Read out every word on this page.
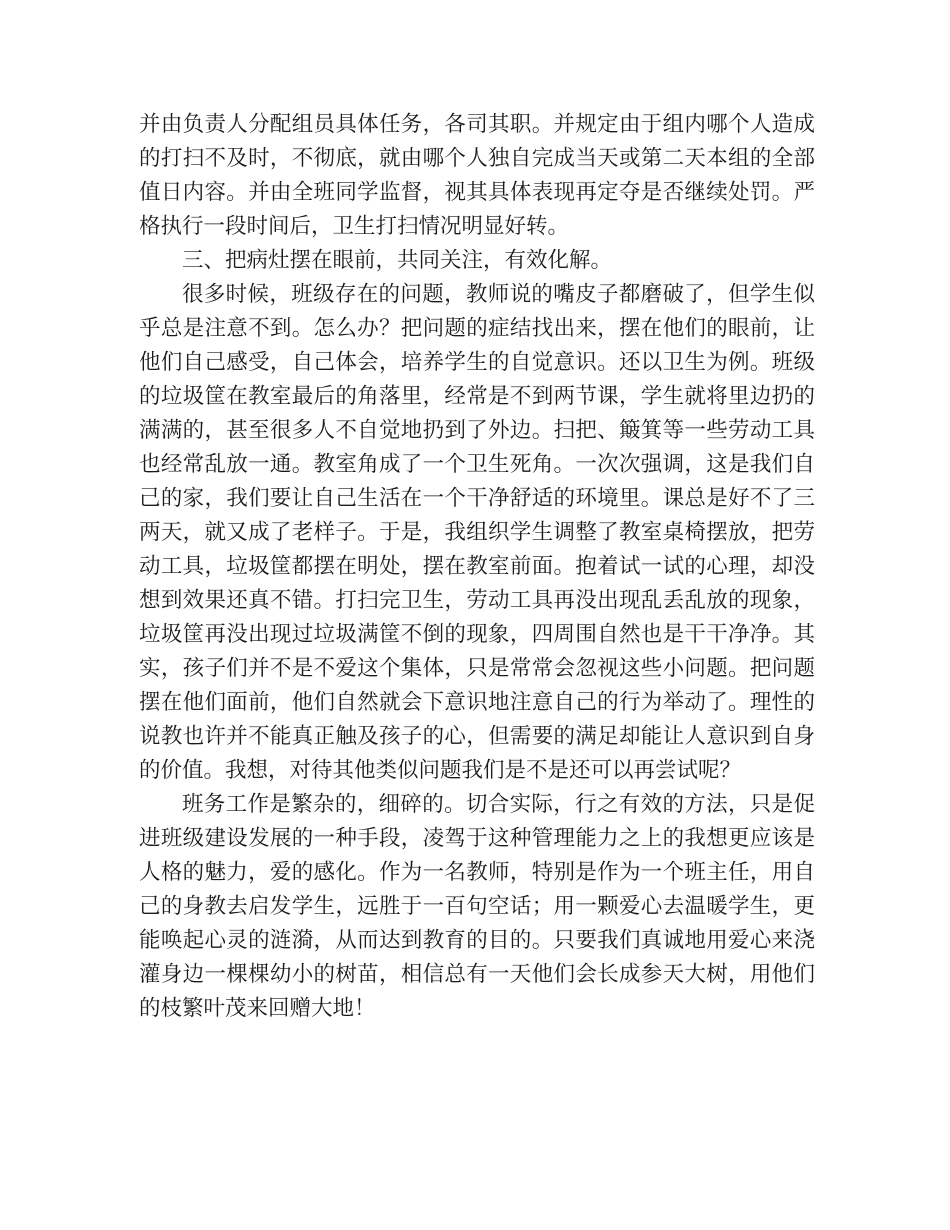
并由负责人分配组员具体任务，各司其职。并规定由于组内哪个人造成的打扫不及时，不彻底，就由哪个人独自完成当天或第二天本组的全部值日内容。并由全班同学监督，视其具体表现再定夺是否继续处罚。严格执行一段时间后，卫生打扫情况明显好转。

三、把病灶摆在眼前，共同关注，有效化解。

很多时候，班级存在的问题，教师说的嘴皮子都磨破了，但学生似乎总是注意不到。怎么办？把问题的症结找出来，摆在他们的眼前，让他们自己感受，自己体会，培养学生的自觉意识。还以卫生为例。班级的垃圾筐在教室最后的角落里，经常是不到两节课，学生就将里边扔的满满的，甚至很多人不自觉地扔到了外边。扫把、簸箕等一些劳动工具也经常乱放一通。教室角成了一个卫生死角。一次次强调，这是我们自己的家，我们要让自己生活在一个干净舒适的环境里。课总是好不了三两天，就又成了老样子。于是，我组织学生调整了教室桌椅摆放，把劳动工具，垃圾筐都摆在明处，摆在教室前面。抱着试一试的心理，却没想到效果还真不错。打扫完卫生，劳动工具再没出现乱丢乱放的现象，垃圾筐再没出现过垃圾满筐不倒的现象，四周围自然也是干干净净。其实，孩子们并不是不爱这个集体，只是常常会忽视这些小问题。把问题摆在他们面前，他们自然就会下意识地注意自己的行为举动了。理性的说教也许并不能真正触及孩子的心，但需要的满足却能让人意识到自身的价值。我想，对待其他类似问题我们是不是还可以再尝试呢？

班务工作是繁杂的，细碎的。切合实际，行之有效的方法，只是促进班级建设发展的一种手段，凌驾于这种管理能力之上的我想更应该是人格的魅力，爱的感化。作为一名教师，特别是作为一个班主任，用自己的身教去启发学生，远胜于一百句空话；用一颗爱心去温暖学生，更能唤起心灵的涟漪，从而达到教育的目的。只要我们真诚地用爱心来浇灌身边一棵棵幼小的树苗，相信总有一天他们会长成参天大树，用他们的枝繁叶茂来回赠大地！
